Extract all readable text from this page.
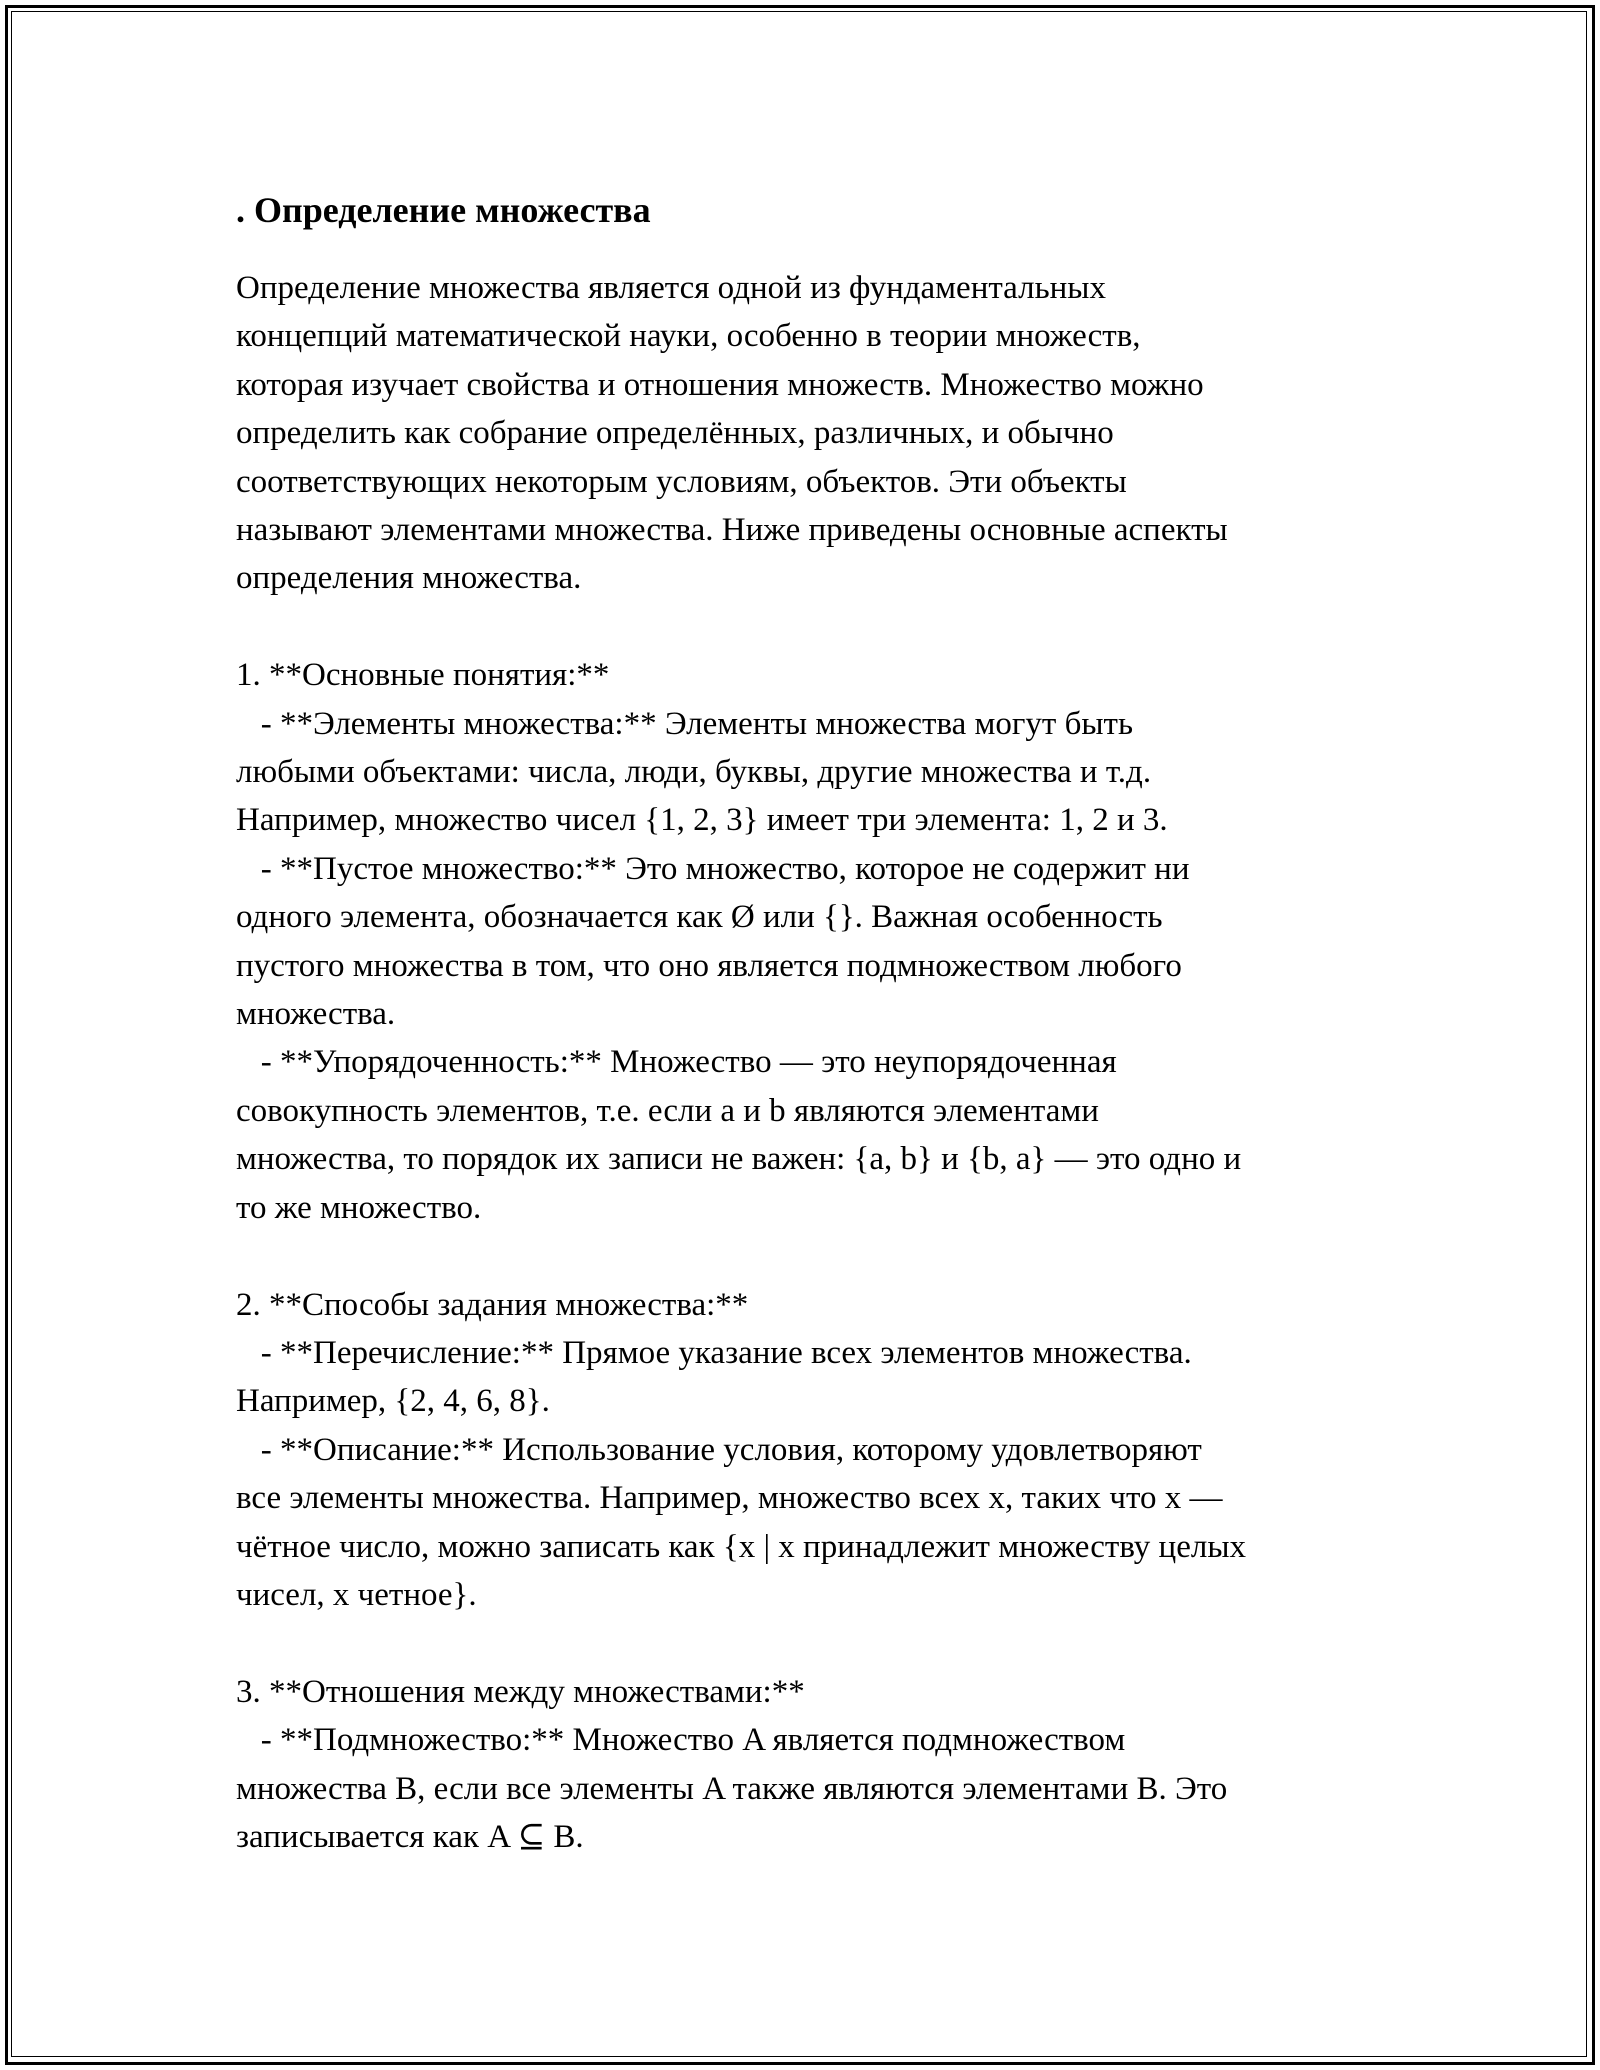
. Определение множества

Определение множества является одной из фундаментальных
концепций математической науки, особенно в теории множеств,
которая изучает свойства и отношения множеств. Множество можно
определить как собрание определённых, различных, и обычно
соответствующих некоторым условиям, объектов. Эти объекты
называют элементами множества. Ниже приведены основные аспекты
определения множества.

1. **Основные понятия:**

- **Элементы множества:** Элементы множества могут быть
любыми объектами: числа, люди, буквы, другие множества и т.д.
Например, множество чисел {1, 2, 3} имеет три элемента: 1, 2 и 3.

- **Пустое множество:** Это множество, которое не содержит ни
одного элемента, обозначается как Ø или {}. Важная особенность
пустого множества в том, что оно является подмножеством любого
множества.

- **Упорядоченность:** Множество — это неупорядоченная
совокупность элементов, т.е. если a и b являются элементами
множества, то порядок их записи не важен: {a, b} и {b, a} — это одно и
то же множество.

2. **Способы задания множества:**

- **Перечисление:** Прямое указание всех элементов множества.
Например, {2, 4, 6, 8}.

- **Описание:** Использование условия, которому удовлетворяют
все элементы множества. Например, множество всех x, таких что x —
чётное число, можно записать как {x | x принадлежит множеству целых
чисел, x четное}.

3. **Отношения между множествами:**

- **Подмножество:** Множество A является подмножеством
множества B, если все элементы A также являются элементами B. Это
записывается как A ⊆ B.
